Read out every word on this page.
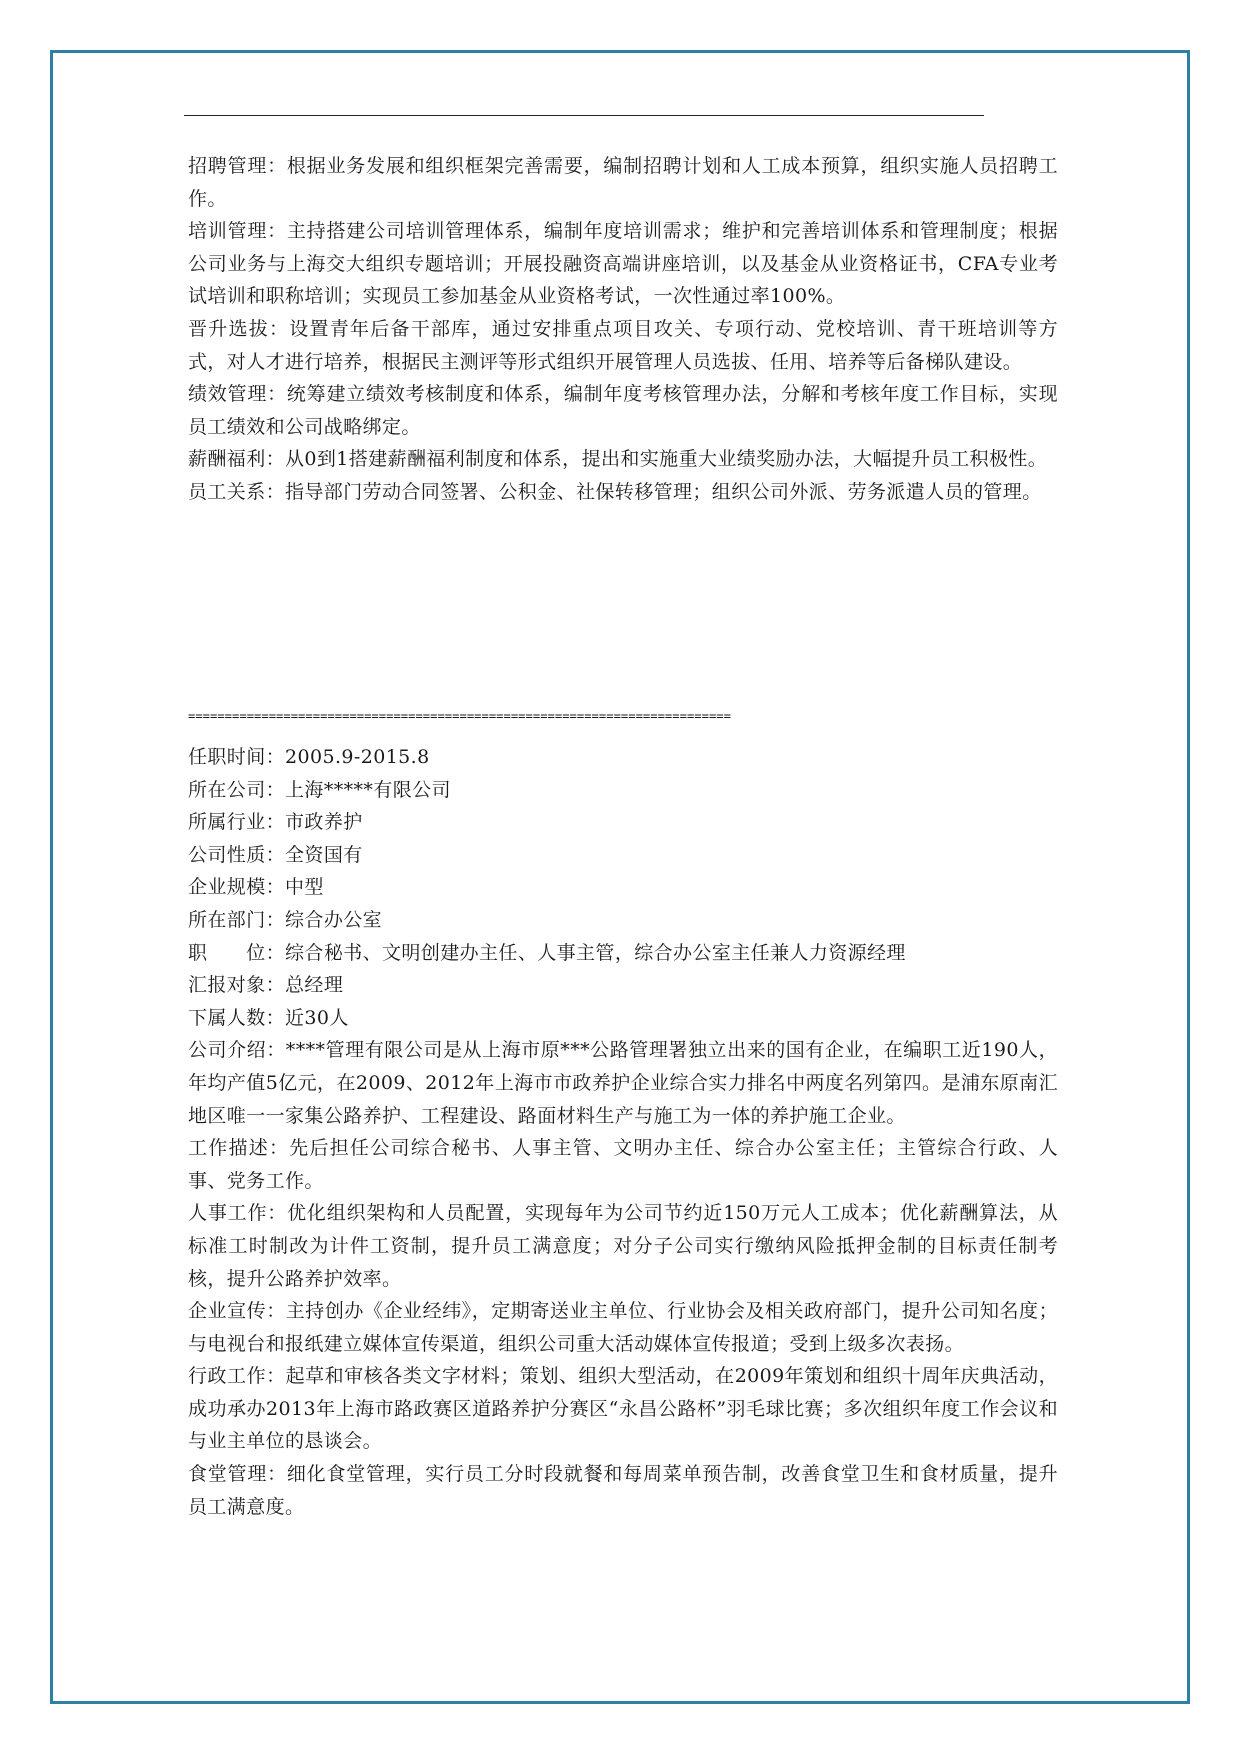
招聘管理：根据业务发展和组织框架完善需要，编制招聘计划和人工成本预算，组织实施人员招聘工作。

培训管理：主持搭建公司培训管理体系，编制年度培训需求；维护和完善培训体系和管理制度；根据公司业务与上海交大组织专题培训；开展投融资高端讲座培训，以及基金从业资格证书，CFA专业考试培训和职称培训；实现员工参加基金从业资格考试，一次性通过率100%。

晋升选拔：设置青年后备干部库，通过安排重点项目攻关、专项行动、党校培训、青干班培训等方式，对人才进行培养，根据民主测评等形式组织开展管理人员选拔、任用、培养等后备梯队建设。

绩效管理：统筹建立绩效考核制度和体系，编制年度考核管理办法，分解和考核年度工作目标，实现员工绩效和公司战略绑定。

薪酬福利：从0到1搭建薪酬福利制度和体系，提出和实施重大业绩奖励办法，大幅提升员工积极性。

员工关系：指导部门劳动合同签署、公积金、社保转移管理；组织公司外派、劳务派遣人员的管理。

==========================================================================

任职时间：2005.9-2015.8

所在公司：上海*****有限公司

所属行业：市政养护

公司性质：全资国有

企业规模：中型

所在部门：综合办公室

职　　位：综合秘书、文明创建办主任、人事主管，综合办公室主任兼人力资源经理

汇报对象：总经理

下属人数：近30人

公司介绍：****管理有限公司是从上海市原***公路管理署独立出来的国有企业，在编职工近190人，年均产值5亿元，在2009、2012年上海市市政养护企业综合实力排名中两度名列第四。是浦东原南汇地区唯一一家集公路养护、工程建设、路面材料生产与施工为一体的养护施工企业。

工作描述：先后担任公司综合秘书、人事主管、文明办主任、综合办公室主任；主管综合行政、人事、党务工作。

人事工作：优化组织架构和人员配置，实现每年为公司节约近150万元人工成本；优化薪酬算法，从标准工时制改为计件工资制，提升员工满意度；对分子公司实行缴纳风险抵押金制的目标责任制考核，提升公路养护效率。

企业宣传：主持创办《企业经纬》，定期寄送业主单位、行业协会及相关政府部门，提升公司知名度；与电视台和报纸建立媒体宣传渠道，组织公司重大活动媒体宣传报道；受到上级多次表扬。

行政工作：起草和审核各类文字材料；策划、组织大型活动，在2009年策划和组织十周年庆典活动，成功承办2013年上海市路政赛区道路养护分赛区“永昌公路杯”羽毛球比赛；多次组织年度工作会议和与业主单位的恳谈会。

食堂管理：细化食堂管理，实行员工分时段就餐和每周菜单预告制，改善食堂卫生和食材质量，提升员工满意度。
